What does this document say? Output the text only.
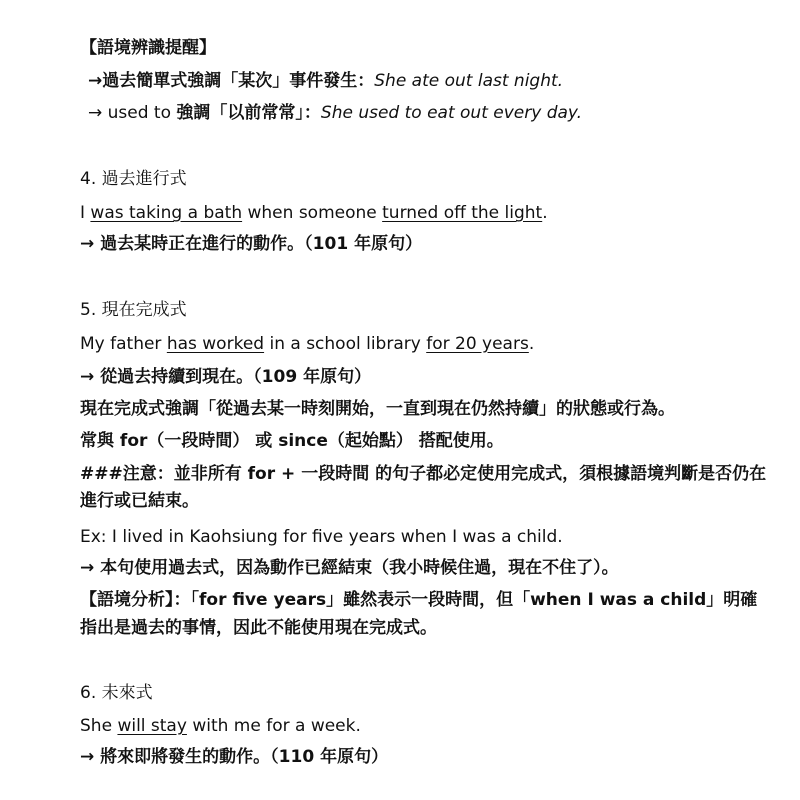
【語境辨識提醒】
→過去簡單式強調「某次」事件發生：She ate out last night.
→ used to 強調「以前常常」：She used to eat out every day.
4. 過去進行式
I was taking a bath when someone turned off the light.
→ 過去某時正在進行的動作。（101 年原句）
5. 現在完成式
My father has worked in a school library for 20 years.
→ 從過去持續到現在。（109 年原句）
現在完成式強調「從過去某一時刻開始，一直到現在仍然持續」的狀態或行為。
常與 for（一段時間） 或 since（起始點） 搭配使用。
###注意：並非所有 for + 一段時間 的句子都必定使用完成式，須根據語境判斷是否仍在進行或已結束。
Ex: I lived in Kaohsiung for five years when I was a child.
→ 本句使用過去式，因為動作已經結束（我小時候住過，現在不住了）。
【語境分析】：「for five years」雖然表示一段時間，但「when I was a child」明確指出是過去的事情，因此不能使用現在完成式。
6. 未來式
She will stay with me for a week.
→ 將來即將發生的動作。（110 年原句）
